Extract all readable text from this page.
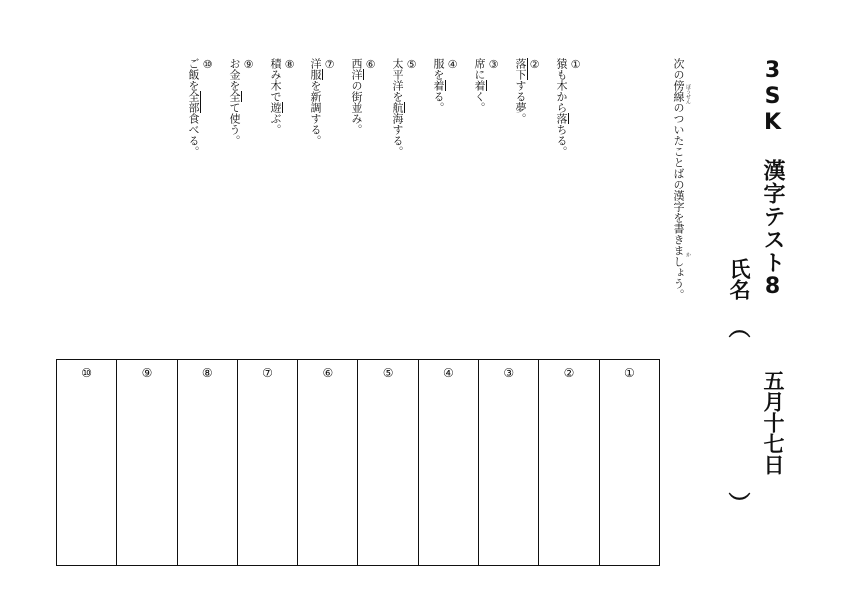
3SK　漢字テスト8
五月十七日
氏名
（
）
次の傍線のついたことばの漢字を書きましょう。 ぼうせん
か
①
猿も木から落ちる。
②
落下する夢。
③
席に着く。
④
服を着る。
⑤
太平洋を航海する。
⑥
西洋の街並み。
⑦
洋服を新調する。
⑧
積み木で遊ぶ。
⑨
お金を全て使う。
⑩
ご飯を全部食べる。
⑩	⑨	⑧	⑦	⑥	⑤	④	③	②	①
